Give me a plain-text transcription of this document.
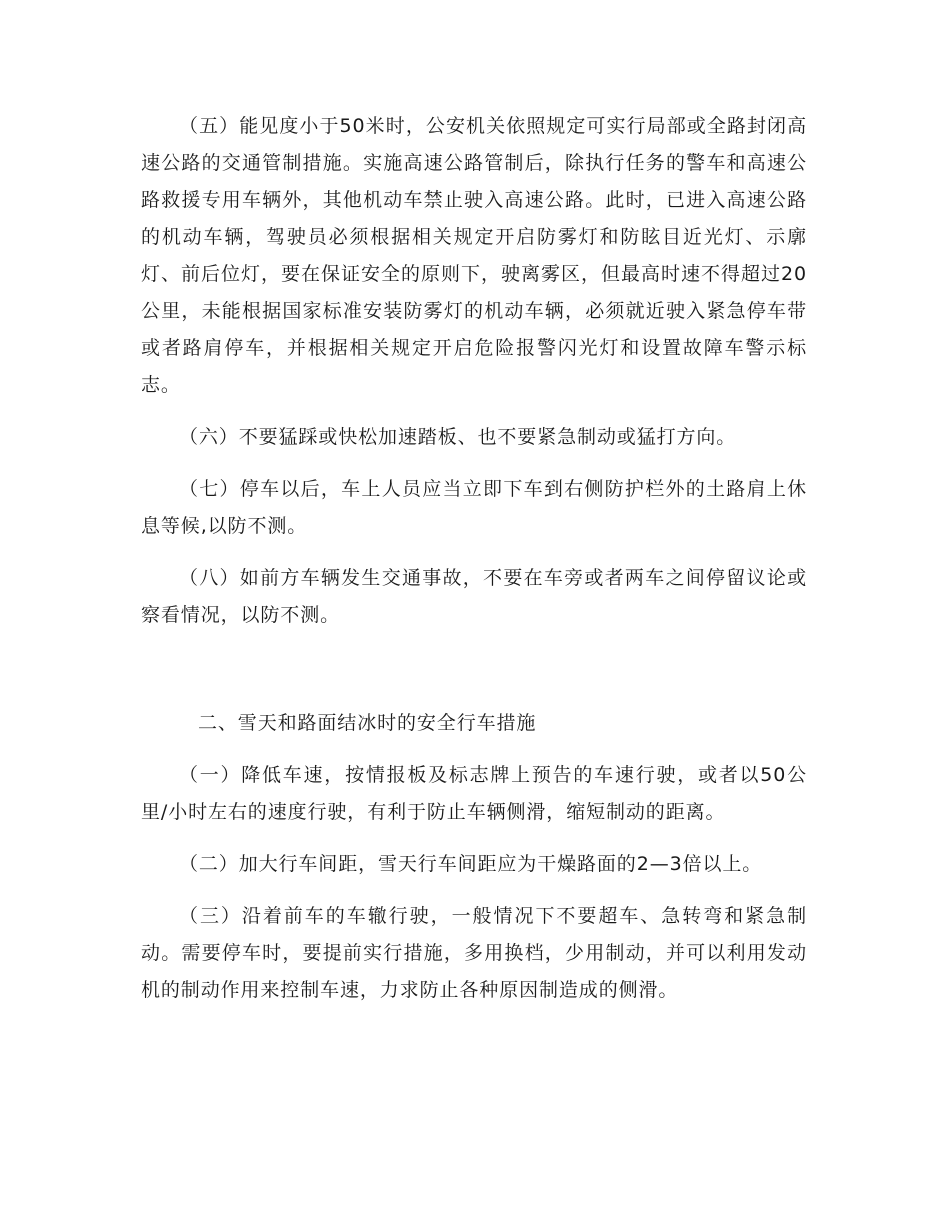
（五）能见度小于50米时，公安机关依照规定可实行局部或全路封闭高速公路的交通管制措施。实施高速公路管制后，除执行任务的警车和高速公路救援专用车辆外，其他机动车禁止驶入高速公路。此时，已进入高速公路的机动车辆，驾驶员必须根据相关规定开启防雾灯和防眩目近光灯、示廓灯、前后位灯，要在保证安全的原则下，驶离雾区，但最高时速不得超过20公里，未能根据国家标准安装防雾灯的机动车辆，必须就近驶入紧急停车带或者路肩停车，并根据相关规定开启危险报警闪光灯和设置故障车警示标志。

（六）不要猛踩或快松加速踏板、也不要紧急制动或猛打方向。

（七）停车以后，车上人员应当立即下车到右侧防护栏外的土路肩上休息等候,以防不测。

（八）如前方车辆发生交通事故，不要在车旁或者两车之间停留议论或察看情况，以防不测。

二、雪天和路面结冰时的安全行车措施

（一）降低车速，按情报板及标志牌上预告的车速行驶，或者以50公里/小时左右的速度行驶，有利于防止车辆侧滑，缩短制动的距离。

（二）加大行车间距，雪天行车间距应为干燥路面的2—3倍以上。

（三）沿着前车的车辙行驶，一般情况下不要超车、急转弯和紧急制动。需要停车时，要提前实行措施，多用换档，少用制动，并可以利用发动机的制动作用来控制车速，力求防止各种原因制造成的侧滑。
